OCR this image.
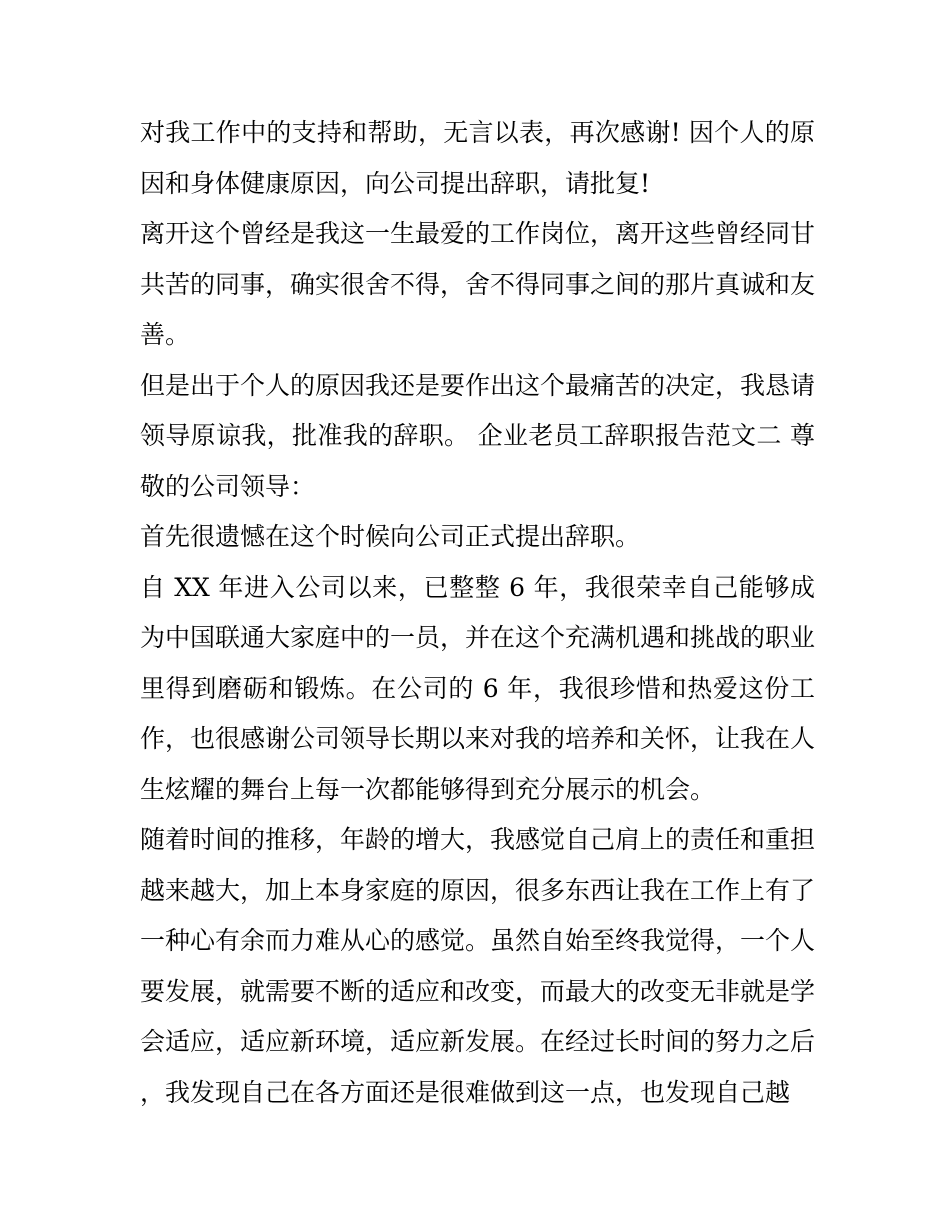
对我工作中的支持和帮助，无言以表，再次感谢! 因个人的原因和身体健康原因，向公司提出辞职，请批复!

离开这个曾经是我这一生最爱的工作岗位，离开这些曾经同甘共苦的同事，确实很舍不得，舍不得同事之间的那片真诚和友善。

但是出于个人的原因我还是要作出这个最痛苦的决定，我恳请领导原谅我，批准我的辞职。 企业老员工辞职报告范文二 尊敬的公司领导：

首先很遗憾在这个时候向公司正式提出辞职。

自 XX 年进入公司以来，已整整 6 年，我很荣幸自己能够成为中国联通大家庭中的一员，并在这个充满机遇和挑战的职业里得到磨砺和锻炼。在公司的 6 年，我很珍惜和热爱这份工作，也很感谢公司领导长期以来对我的培养和关怀，让我在人生炫耀的舞台上每一次都能够得到充分展示的机会。

随着时间的推移，年龄的增大，我感觉自己肩上的责任和重担越来越大，加上本身家庭的原因，很多东西让我在工作上有了一种心有余而力难从心的感觉。虽然自始至终我觉得，一个人要发展，就需要不断的适应和改变，而最大的改变无非就是学会适应，适应新环境，适应新发展。在经过长时间的努力之后，我发现自己在各方面还是很难做到这一点，也发现自己越
